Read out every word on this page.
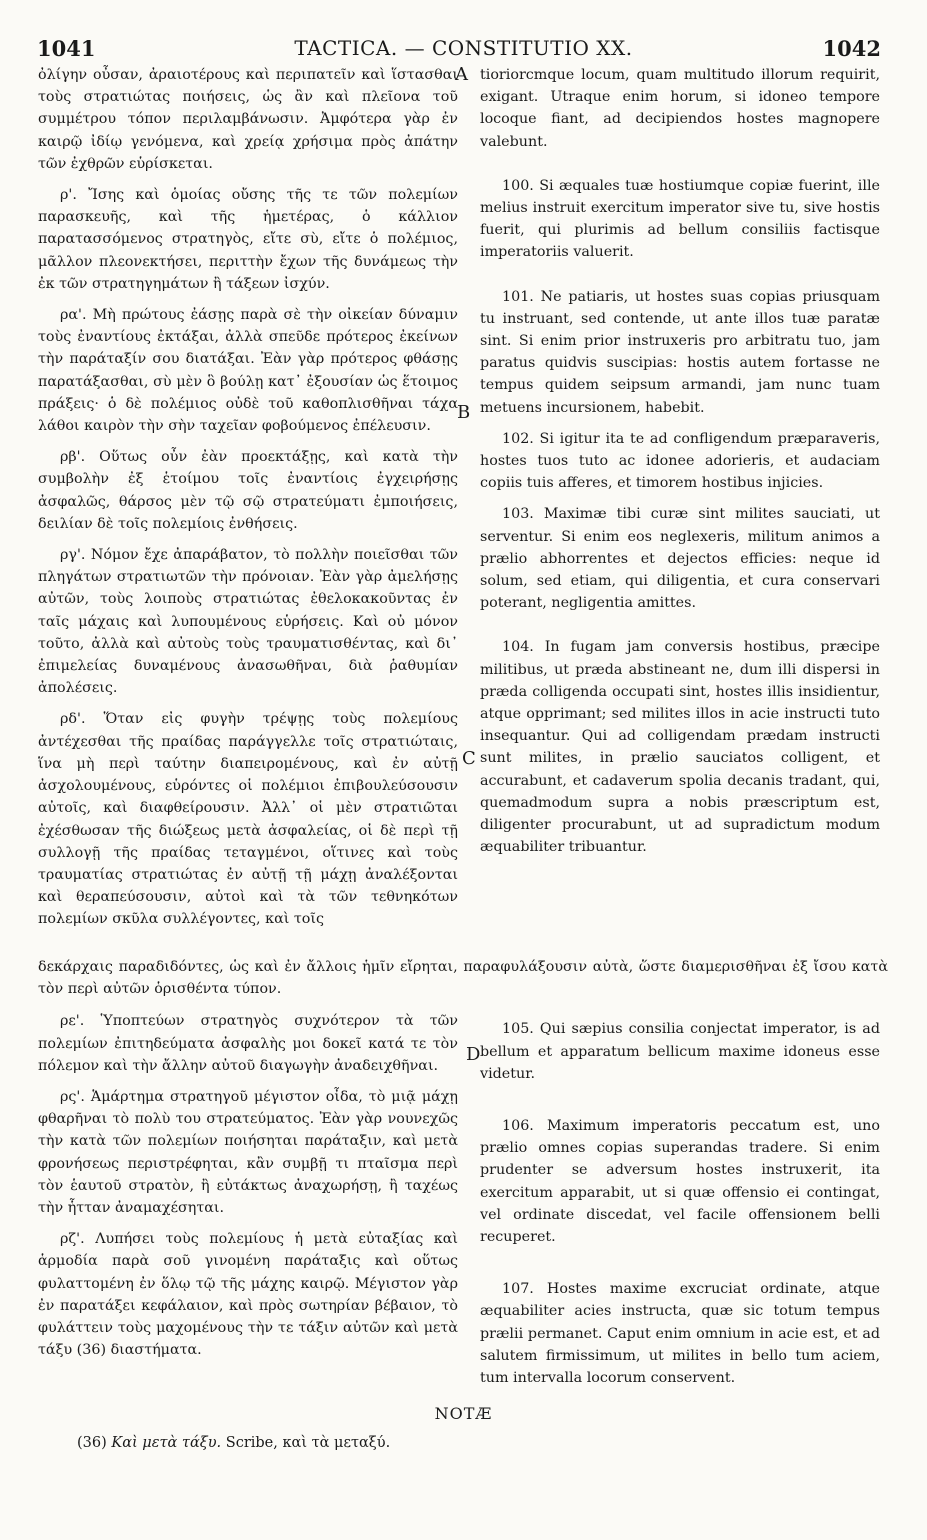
1041	TACTICA. — CONSTITUTIO XX.	1042

ὀλίγην οὖσαν, ἀραιοτέρους καὶ περιπατεῖν καὶ ἵστασθαι τοὺς στρατιώτας ποιήσεις, ὡς ἂν καὶ πλεῖονα τοῦ συμμέτρου τόπον περιλαμβάνωσιν. Ἀμφότερα γὰρ ἐν καιρῷ ἰδίῳ γενόμενα, καὶ χρείᾳ χρήσιμα πρὸς ἀπάτην τῶν ἐχθρῶν εὑρίσκεται.

ρ'. Ἴσης καὶ ὁμοίας οὔσης τῆς τε τῶν πολεμίων παρασκευῆς, καὶ τῆς ἡμετέρας, ὁ κάλλιον παρατασσόμενος στρατηγὸς, εἴτε σὺ, εἴτε ὁ πολέμιος, μᾶλλον πλεονεκτήσει, περιττὴν ἔχων τῆς δυνάμεως τὴν ἐκ τῶν στρατηγημάτων ἢ τάξεων ἰσχύν.

ρα'. Μὴ πρώτους ἐάσῃς παρὰ σὲ τὴν οἰκείαν δύναμιν τοὺς ἐναντίους ἐκτάξαι, ἀλλὰ σπεῦδε πρότερος ἐκείνων τὴν παράταξίν σου διατάξαι. Ἐὰν γὰρ πρότερος φθάσῃς παρατάξασθαι, σὺ μὲν ὃ βούλῃ κατ᾿ ἐξουσίαν ὡς ἕτοιμος πράξεις· ὁ δὲ πολέμιος οὐδὲ τοῦ καθοπλισθῆναι τάχα λάθοι καιρὸν τὴν σὴν ταχεῖαν φοβούμενος ἐπέλευσιν.

ρβ'. Οὕτως οὖν ἐὰν προεκτάξῃς, καὶ κατὰ τὴν συμβολὴν ἐξ ἑτοίμου τοῖς ἐναντίοις ἐγχειρήσῃς ἀσφαλῶς, θάρσος μὲν τῷ σῷ στρατεύματι ἐμποιήσεις, δειλίαν δὲ τοῖς πολεμίοις ἐνθήσεις.

ργ'. Νόμον ἔχε ἀπαράβατον, τὸ πολλὴν ποιεῖσθαι τῶν πληγάτων στρατιωτῶν τὴν πρόνοιαν. Ἐὰν γὰρ ἀμελήσῃς αὐτῶν, τοὺς λοιποὺς στρατιώτας ἐθελοκακοῦντας ἐν ταῖς μάχαις καὶ λυπουμένους εὑρήσεις. Καὶ οὐ μόνον τοῦτο, ἀλλὰ καὶ αὐτοὺς τοὺς τραυματισθέντας, καὶ δι᾿ ἐπιμελείας δυναμένους ἀνασωθῆναι, διὰ ῥαθυμίαν ἀπολέσεις.

ρδ'. Ὅταν εἰς φυγὴν τρέψῃς τοὺς πολεμίους ἀντέχεσθαι τῆς πραίδας παράγγελλε τοῖς στρατιώταις, ἵνα μὴ περὶ ταύτην διαπειρομένους, καὶ ἐν αὐτῇ ἀσχολουμένους, εὑρόντες οἱ πολέμιοι ἐπιβουλεύσουσιν αὐτοῖς, καὶ διαφθείρουσιν. Ἀλλ᾿ οἱ μὲν στρατιῶται ἐχέσθωσαν τῆς διώξεως μετὰ ἀσφαλείας, οἱ δὲ περὶ τῇ συλλογῇ τῆς πραίδας τεταγμένοι, οἵτινες καὶ τοὺς τραυματίας στρατιώτας ἐν αὐτῇ τῇ μάχῃ ἀναλέξονται καὶ θεραπεύσουσιν, αὐτοὶ καὶ τὰ τῶν τεθνηκότων πολεμίων σκῦλα συλλέγοντες, καὶ τοῖς

tioriorcmque locum, quam multitudo illorum requirit, exigant. Utraque enim horum, si idoneo tempore locoque fiant, ad decipiendos hostes magnopere valebunt.

100. Si æquales tuæ hostiumque copiæ fuerint, ille melius instruit exercitum imperator sive tu, sive hostis fuerit, qui plurimis ad bellum consiliis factisque imperatoriis valuerit.

101. Ne patiaris, ut hostes suas copias priusquam tu instruant, sed contende, ut ante illos tuæ paratæ sint. Si enim prior instruxeris pro arbitratu tuo, jam paratus quidvis suscipias: hostis autem fortasse ne tempus quidem seipsum armandi, jam nunc tuam metuens incursionem, habebit.

102. Si igitur ita te ad confligendum præparaveris, hostes tuos tuto ac idonee adorieris, et audaciam copiis tuis afferes, et timorem hostibus injicies.

103. Maximæ tibi curæ sint milites sauciati, ut serventur. Si enim eos neglexeris, militum animos a prælio abhorrentes et dejectos efficies: neque id solum, sed etiam, qui diligentia, et cura conservari poterant, negligentia amittes.

104. In fugam jam conversis hostibus, præcipe militibus, ut præda abstineant ne, dum illi dispersi in præda colligenda occupati sint, hostes illis insidientur, atque opprimant; sed milites illos in acie instructi tuto insequantur. Qui ad colligendam prædam instructi sunt milites, in prælio sauciatos colligent, et accurabunt, et cadaverum spolia decanis tradant, qui, quemadmodum supra a nobis præscriptum est, diligenter procurabunt, ut ad supradictum modum æquabiliter tribuantur.

δεκάρχαις παραδιδόντες, ὡς καὶ ἐν ἄλλοις ἡμῖν εἴρηται, παραφυλάξουσιν αὐτὰ, ὥστε διαμερισθῆναι ἐξ ἴσου κατὰ τὸν περὶ αὐτῶν ὁρισθέντα τύπον.

ρε'. Ὑποπτεύων στρατηγὸς συχνότερον τὰ τῶν πολεμίων ἐπιτηδεύματα ἀσφαλὴς μοι δοκεῖ κατά τε τὸν πόλεμον καὶ τὴν ἄλλην αὐτοῦ διαγωγὴν ἀναδειχθῆναι.

ρς'. Ἁμάρτημα στρατηγοῦ μέγιστον οἶδα, τὸ μιᾷ μάχῃ φθαρῆναι τὸ πολὺ του στρατεύματος. Ἐὰν γὰρ νουνεχῶς τὴν κατὰ τῶν πολεμίων ποιήσηται παράταξιν, καὶ μετὰ φρονήσεως περιστρέφηται, κἂν συμβῇ τι πταῖσμα περὶ τὸν ἑαυτοῦ στρατὸν, ἢ εὐτάκτως ἀναχωρήσῃ, ἢ ταχέως τὴν ἧτταν ἀναμαχέσηται.

ρζ'. Λυπήσει τοὺς πολεμίους ἡ μετὰ εὐταξίας καὶ ἁρμοδία παρὰ σοῦ γινομένη παράταξις καὶ οὕτως φυλαττομένη ἐν ὅλῳ τῷ τῆς μάχης καιρῷ. Μέγιστον γὰρ ἐν παρατάξει κεφάλαιον, καὶ πρὸς σωτηρίαν βέβαιον, τὸ φυλάττειν τοὺς μαχομένους τὴν τε τάξιν αὐτῶν καὶ μετὰ τάξυ (36) διαστήματα.

105. Qui sæpius consilia conjectat imperator, is ad bellum et apparatum bellicum maxime idoneus esse videtur.

106. Maximum imperatoris peccatum est, uno prælio omnes copias superandas tradere. Si enim prudenter se adversum hostes instruxerit, ita exercitum apparabit, ut si quæ offensio ei contingat, vel ordinate discedat, vel facile offensionem belli recuperet.

107. Hostes maxime excruciat ordinate, atque æquabiliter acies instructa, quæ sic totum tempus prælii permanet. Caput enim omnium in acie est, et ad salutem firmissimum, ut milites in bello tum aciem, tum intervalla locorum conservent.

A
B
C
D
NOTÆ
(36) Καὶ μετὰ τάξυ. Scribe, καὶ τὰ μεταξύ.
